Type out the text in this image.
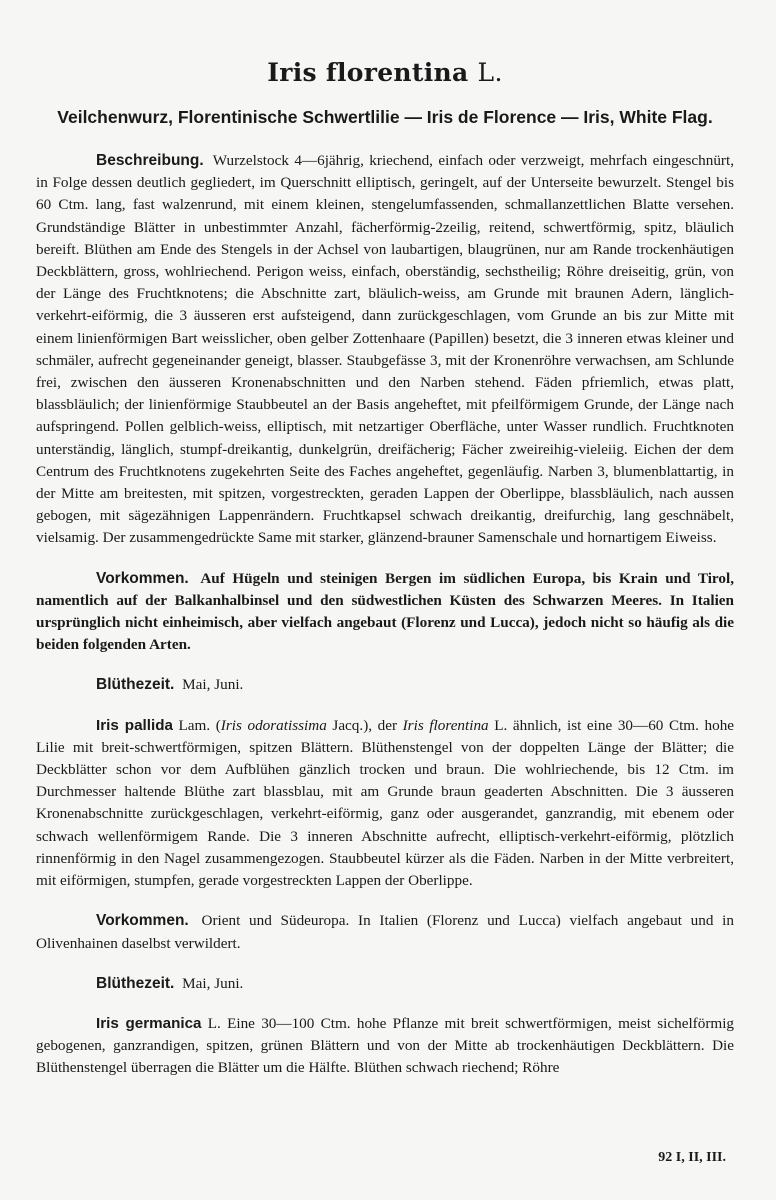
Iris florentina L.
Veilchenwurz, Florentinische Schwertlilie — Iris de Florence — Iris, White Flag.

Beschreibung. Wurzelstock 4—6jährig, kriechend, einfach oder verzweigt, mehrfach eingeschnürt, in Folge dessen deutlich gegliedert, im Querschnitt elliptisch, geringelt, auf der Unterseite bewurzelt. Stengel bis 60 Ctm. lang, fast walzenrund, mit einem kleinen, stengelumfassenden, schmallanzettlichen Blatte versehen. Grundständige Blätter in unbestimmter Anzahl, fächerförmig-2zeilig, reitend, schwertförmig, spitz, bläulich bereift. Blüthen am Ende des Stengels in der Achsel von laubartigen, blaugrünen, nur am Rande trockenhäutigen Deckblättern, gross, wohlriechend. Perigon weiss, einfach, oberständig, sechstheilig; Röhre dreiseitig, grün, von der Länge des Fruchtknotens; die Abschnitte zart, bläulich-weiss, am Grunde mit braunen Adern, länglich-verkehrt-eiförmig, die 3 äusseren erst aufsteigend, dann zurückgeschlagen, vom Grunde an bis zur Mitte mit einem linienförmigen Bart weisslicher, oben gelber Zottenhaare (Papillen) besetzt, die 3 inneren etwas kleiner und schmäler, aufrecht gegeneinander geneigt, blasser. Staubgefässe 3, mit der Kronenröhre verwachsen, am Schlunde frei, zwischen den äusseren Kronenabschnitten und den Narben stehend. Fäden pfriemlich, etwas platt, blassbläulich; der linienförmige Staubbeutel an der Basis angeheftet, mit pfeilförmigem Grunde, der Länge nach aufspringend. Pollen gelblich-weiss, elliptisch, mit netzartiger Oberfläche, unter Wasser rundlich. Fruchtknoten unterständig, länglich, stumpf-dreikantig, dunkelgrün, dreifächerig; Fächer zweireihig-vieleiig. Eichen der dem Centrum des Fruchtknotens zugekehrten Seite des Faches angeheftet, gegenläufig. Narben 3, blumenblattartig, in der Mitte am breitesten, mit spitzen, vorgestreckten, geraden Lappen der Oberlippe, blassbläulich, nach aussen gebogen, mit sägezähnigen Lappenrändern. Fruchtkapsel schwach dreikantig, dreifurchig, lang geschnäbelt, vielsamig. Der zusammengedrückte Same mit starker, glänzend-brauner Samenschale und hornartigem Eiweiss.

Vorkommen. Auf Hügeln und steinigen Bergen im südlichen Europa, bis Krain und Tirol, namentlich auf der Balkanhalbinsel und den südwestlichen Küsten des Schwarzen Meeres. In Italien ursprünglich nicht einheimisch, aber vielfach angebaut (Florenz und Lucca), jedoch nicht so häufig als die beiden folgenden Arten.

Blüthezeit. Mai, Juni.

Iris pallida Lam. (Iris odoratissima Jacq.), der Iris florentina L. ähnlich, ist eine 30—60 Ctm. hohe Lilie mit breit-schwertförmigen, spitzen Blättern. Blüthenstengel von der doppelten Länge der Blätter; die Deckblätter schon vor dem Aufblühen gänzlich trocken und braun. Die wohlriechende, bis 12 Ctm. im Durchmesser haltende Blüthe zart blassblau, mit am Grunde braun geaderten Abschnitten. Die 3 äusseren Kronenabschnitte zurückgeschlagen, verkehrt-eiförmig, ganz oder ausgerandet, ganzrandig, mit ebenem oder schwach wellenförmigem Rande. Die 3 inneren Abschnitte aufrecht, elliptisch-verkehrt-eiförmig, plötzlich rinnenförmig in den Nagel zusammengezogen. Staubbeutel kürzer als die Fäden. Narben in der Mitte verbreitert, mit eiförmigen, stumpfen, gerade vorgestreckten Lappen der Oberlippe.

Vorkommen. Orient und Südeuropa. In Italien (Florenz und Lucca) vielfach angebaut und in Olivenhainen daselbst verwildert.

Blüthezeit. Mai, Juni.

Iris germanica L. Eine 30—100 Ctm. hohe Pflanze mit breit schwertförmigen, meist sichelförmig gebogenen, ganzrandigen, spitzen, grünen Blättern und von der Mitte ab trockenhäutigen Deckblättern. Die Blüthenstengel überragen die Blätter um die Hälfte. Blüthen schwach riechend; Röhre

92 I, II, III.
